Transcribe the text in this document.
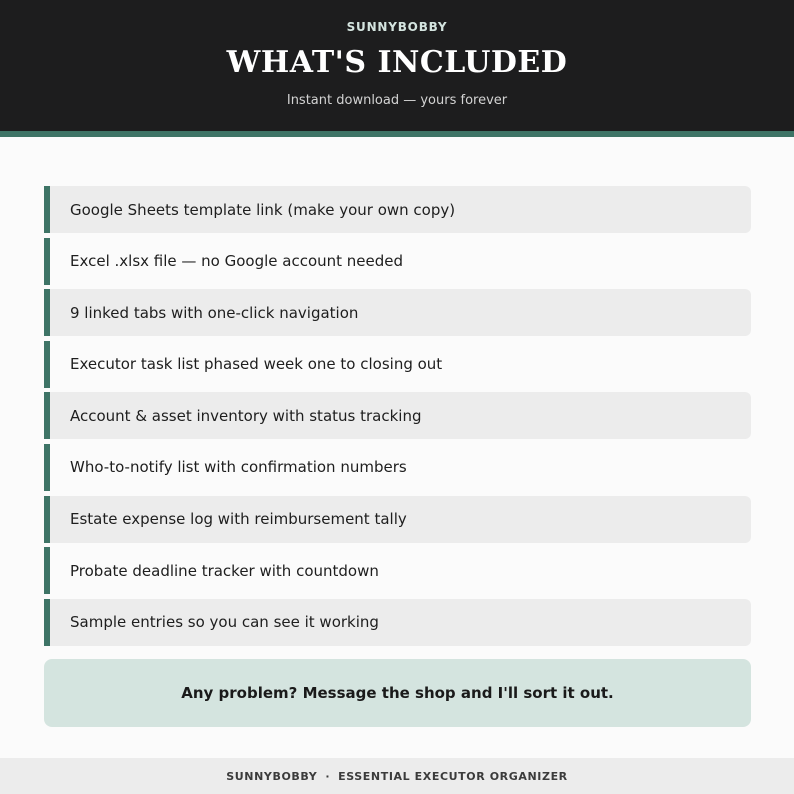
SUNNYBOBBY
WHAT'S INCLUDED
Instant download — yours forever
Google Sheets template link (make your own copy)
Excel .xlsx file — no Google account needed
9 linked tabs with one-click navigation
Executor task list phased week one to closing out
Account & asset inventory with status tracking
Who-to-notify list with confirmation numbers
Estate expense log with reimbursement tally
Probate deadline tracker with countdown
Sample entries so you can see it working
Any problem? Message the shop and I'll sort it out.
SUNNYBOBBY · ESSENTIAL EXECUTOR ORGANIZER
